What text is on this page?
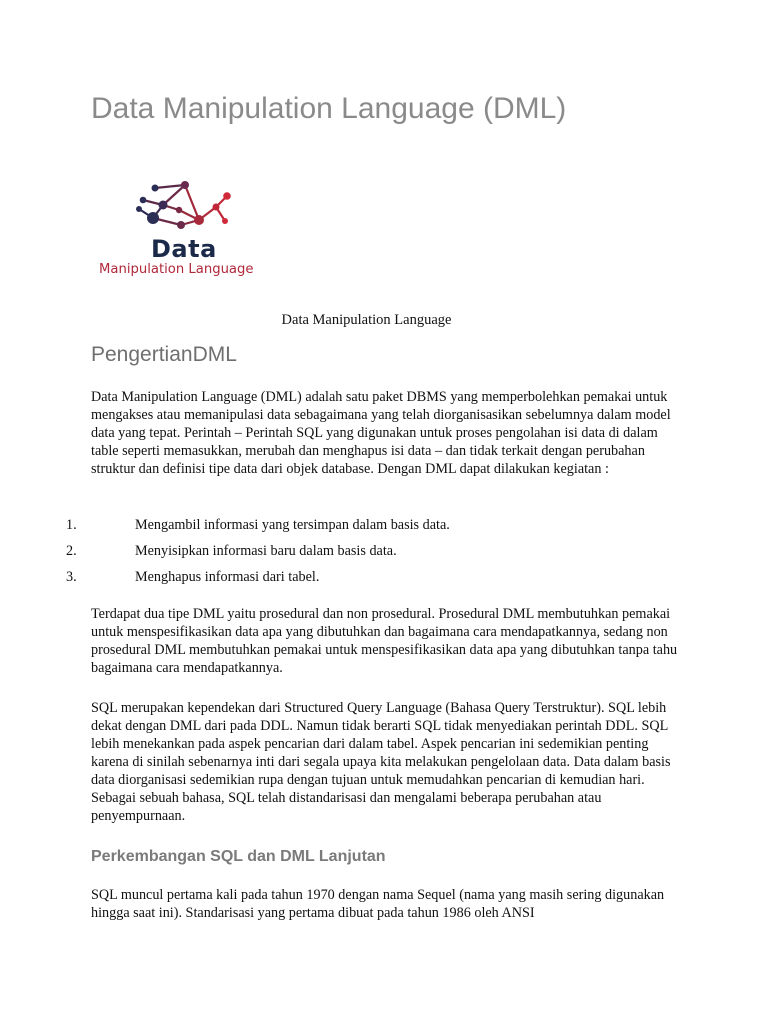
Data Manipulation Language (DML)
Data
Manipulation Language
Data Manipulation Language
PengertianDML

Data Manipulation Language (DML) adalah satu paket DBMS yang memperbolehkan pemakai untuk mengakses atau memanipulasi data sebagaimana yang telah diorganisasikan sebelumnya dalam model data yang tepat. Perintah – Perintah SQL yang digunakan untuk proses pengolahan isi data di dalam table seperti memasukkan, merubah dan menghapus isi data – dan tidak terkait dengan perubahan struktur dan definisi tipe data dari objek database. Dengan DML dapat dilakukan kegiatan :

1.	Mengambil informasi yang tersimpan dalam basis data.
2.	Menyisipkan informasi baru dalam basis data.
3.	Menghapus informasi dari tabel.

Terdapat dua tipe DML yaitu prosedural dan non prosedural. Prosedural DML membutuhkan pemakai untuk menspesifikasikan data apa yang dibutuhkan dan bagaimana cara mendapatkannya, sedang non prosedural DML membutuhkan pemakai untuk menspesifikasikan data apa yang dibutuhkan tanpa tahu bagaimana cara mendapatkannya.

SQL merupakan kependekan dari Structured Query Language (Bahasa Query Terstruktur). SQL lebih dekat dengan DML dari pada DDL. Namun tidak berarti SQL tidak menyediakan perintah DDL. SQL lebih menekankan pada aspek pencarian dari dalam tabel. Aspek pencarian ini sedemikian penting karena di sinilah sebenarnya inti dari segala upaya kita melakukan pengelolaan data. Data dalam basis data diorganisasi sedemikian rupa dengan tujuan untuk memudahkan pencarian di kemudian hari. Sebagai sebuah bahasa, SQL telah distandarisasi dan mengalami beberapa perubahan atau penyempurnaan.

Perkembangan SQL dan DML Lanjutan

SQL muncul pertama kali pada tahun 1970 dengan nama Sequel (nama yang masih sering digunakan hingga saat ini). Standarisasi yang pertama dibuat pada tahun 1986 oleh ANSI
